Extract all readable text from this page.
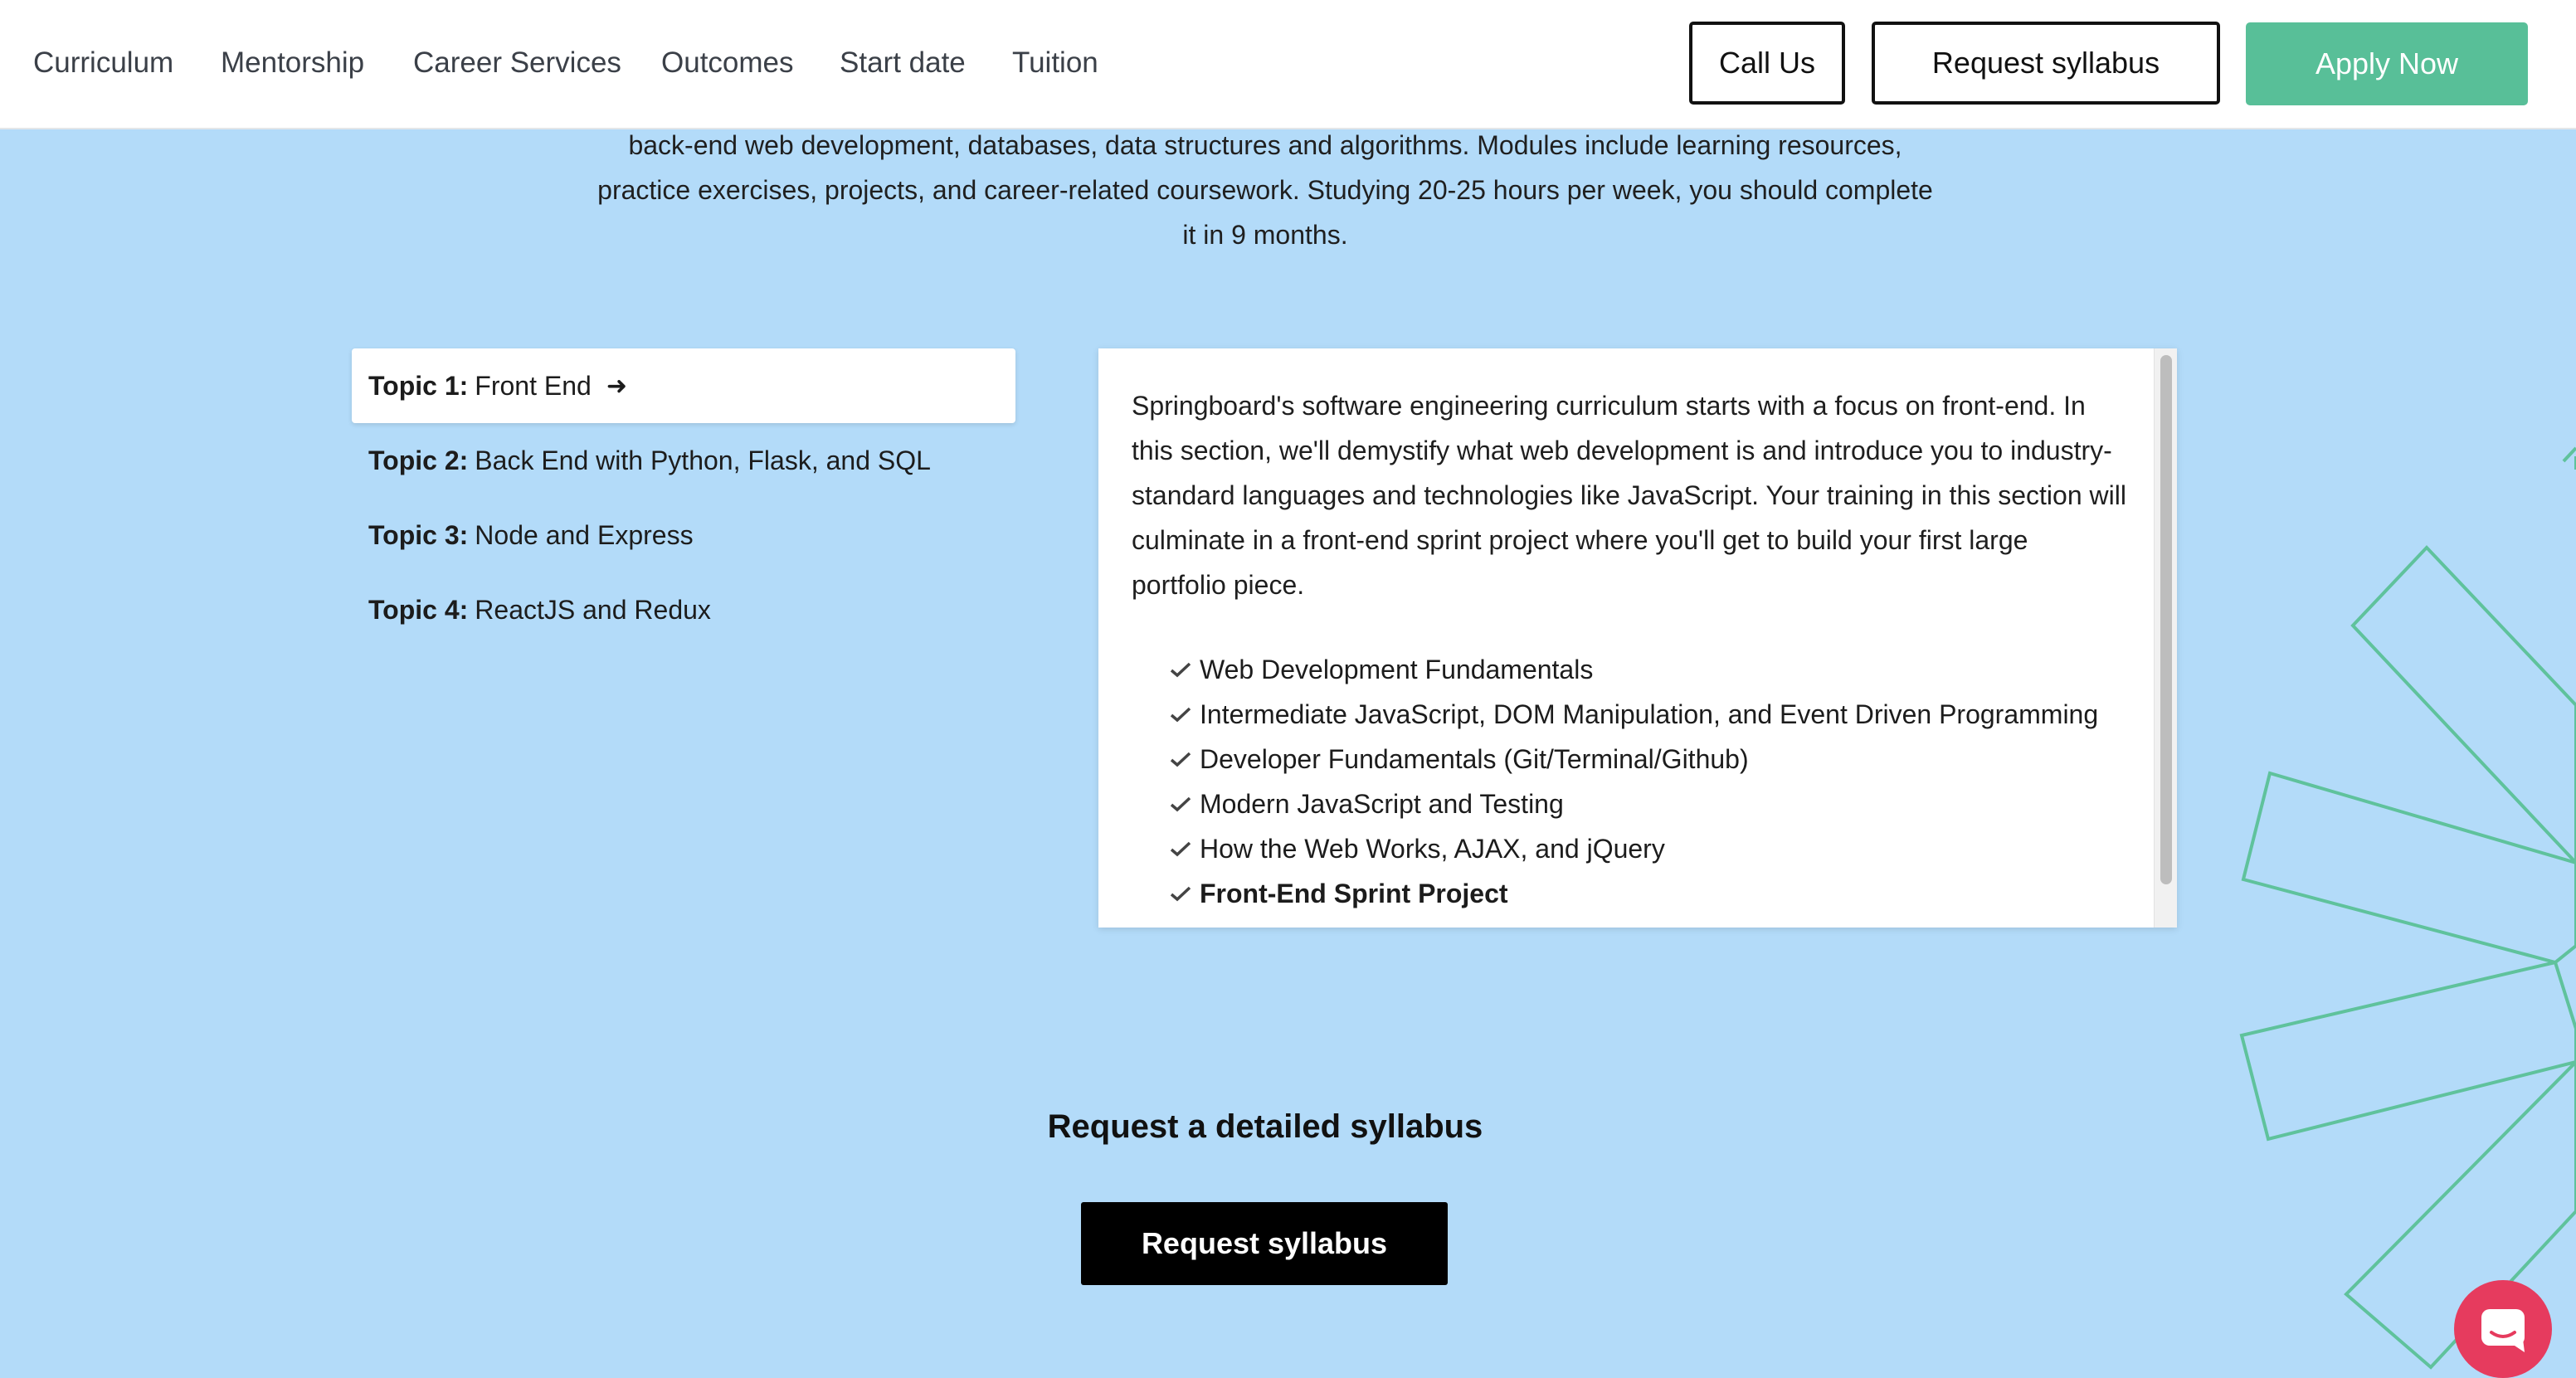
Curriculum Mentorship Career Services Outcomes Start date Tuition	Call Us	Request syllabus	Apply Now
back-end web development, databases, data structures and algorithms. Modules include learning resources,
practice exercises, projects, and career-related coursework. Studying 20-25 hours per week, you should complete
it in 9 months.
Topic 1: Front End ➜
Topic 2: Back End with Python, Flask, and SQL
Topic 3: Node and Express
Topic 4: ReactJS and Redux
Springboard's software engineering curriculum starts with a focus on front-end. In this section, we'll demystify what web development is and introduce you to industry-standard languages and technologies like JavaScript. Your training in this section will culminate in a front-end sprint project where you'll get to build your first large portfolio piece.
Web Development Fundamentals
Intermediate JavaScript, DOM Manipulation, and Event Driven Programming
Developer Fundamentals (Git/Terminal/Github)
Modern JavaScript and Testing
How the Web Works, AJAX, and jQuery
Front-End Sprint Project
Request a detailed syllabus
Request syllabus
